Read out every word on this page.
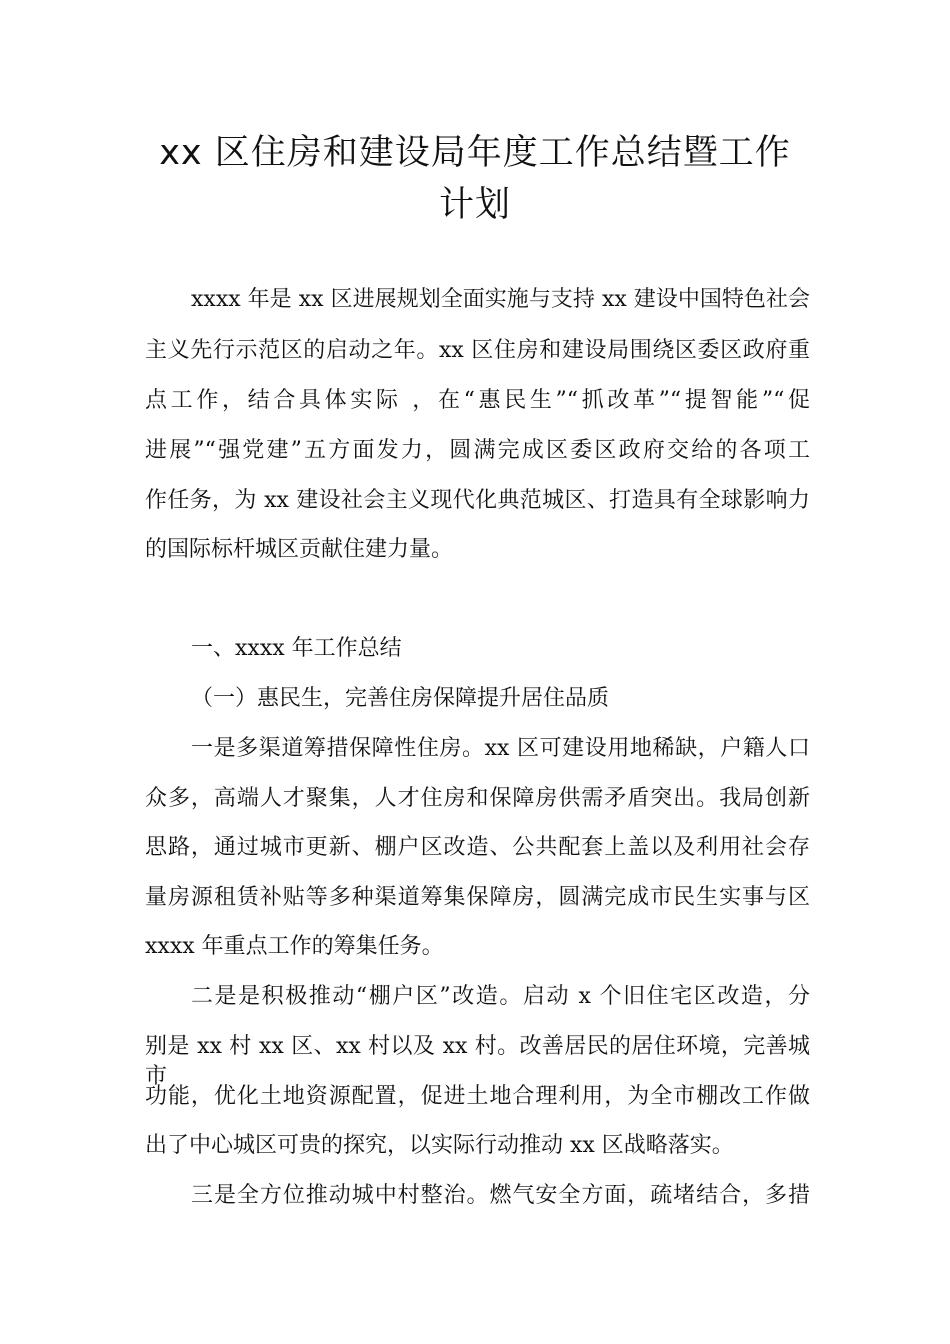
xx 区住房和建设局年度工作总结暨工作
计划
xxxx 年是 xx 区进展规划全面实施与支持 xx 建设中国特色社会
主义先行示范区的启动之年。xx 区住房和建设局围绕区委区政府重
点工作，结合具体实际 ，在“惠民生”“抓改革”“提智能”“促
进展”“强党建”五方面发力，圆满完成区委区政府交给的各项工
作任务，为 xx 建设社会主义现代化典范城区、打造具有全球影响力
的国际标杆城区贡献住建力量。
一、xxxx 年工作总结
（一）惠民生，完善住房保障提升居住品质
一是多渠道筹措保障性住房。xx 区可建设用地稀缺，户籍人口
众多，高端人才聚集，人才住房和保障房供需矛盾突出。我局创新
思路，通过城市更新、棚户区改造、公共配套上盖以及利用社会存
量房源租赁补贴等多种渠道筹集保障房，圆满完成市民生实事与区
xxxx 年重点工作的筹集任务。
二是是积极推动“棚户区”改造。启动 x 个旧住宅区改造，分
别是 xx 村 xx 区、xx 村以及 xx 村。改善居民的居住环境，完善城市
功能，优化土地资源配置，促进土地合理利用，为全市棚改工作做
出了中心城区可贵的探究，以实际行动推动 xx 区战略落实。
三是全方位推动城中村整治。燃气安全方面，疏堵结合，多措
